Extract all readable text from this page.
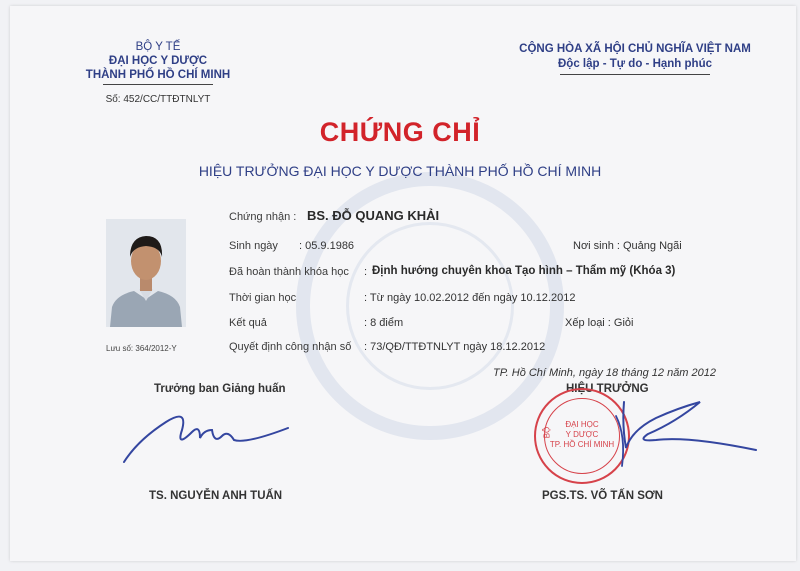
BỘ Y TẾ
ĐẠI HỌC Y DƯỢC
THÀNH PHỐ HỒ CHÍ MINH
Số: 452/CC/TTĐTNLYT
CỘNG HÒA XÃ HỘI CHỦ NGHĨA VIỆT NAM
Độc lập - Tự do - Hạnh phúc
CHỨNG CHỈ
HIỆU TRƯỞNG ĐẠI HỌC Y DƯỢC THÀNH PHỐ HỒ CHÍ MINH
Lưu số: 364/2012-Y
Chứng nhận : BS. ĐỖ QUANG KHẢI
Sinh ngày : 05.9.1986	Nơi sinh : Quảng Ngãi
Đã hoàn thành khóa học : Định hướng chuyên khoa Tạo hình – Thẩm mỹ (Khóa 3)
Thời gian học	: Từ ngày 10.02.2012 đến ngày 10.12.2012
Kết quả	: 8 điểm	Xếp loại : Giỏi
Quyết định công nhận số : 73/QĐ/TTĐTNLYT ngày 18.12.2012
TP. Hồ Chí Minh, ngày 18 tháng 12 năm 2012
Trưởng ban Giảng huấn	HIỆU TRƯỞNG
ĐẠI HỌC
Y DƯỢC
TP. HỒ CHÍ MINH
BỘ
TS. NGUYỄN ANH TUẤN	PGS.TS. VÕ TẤN SƠN
